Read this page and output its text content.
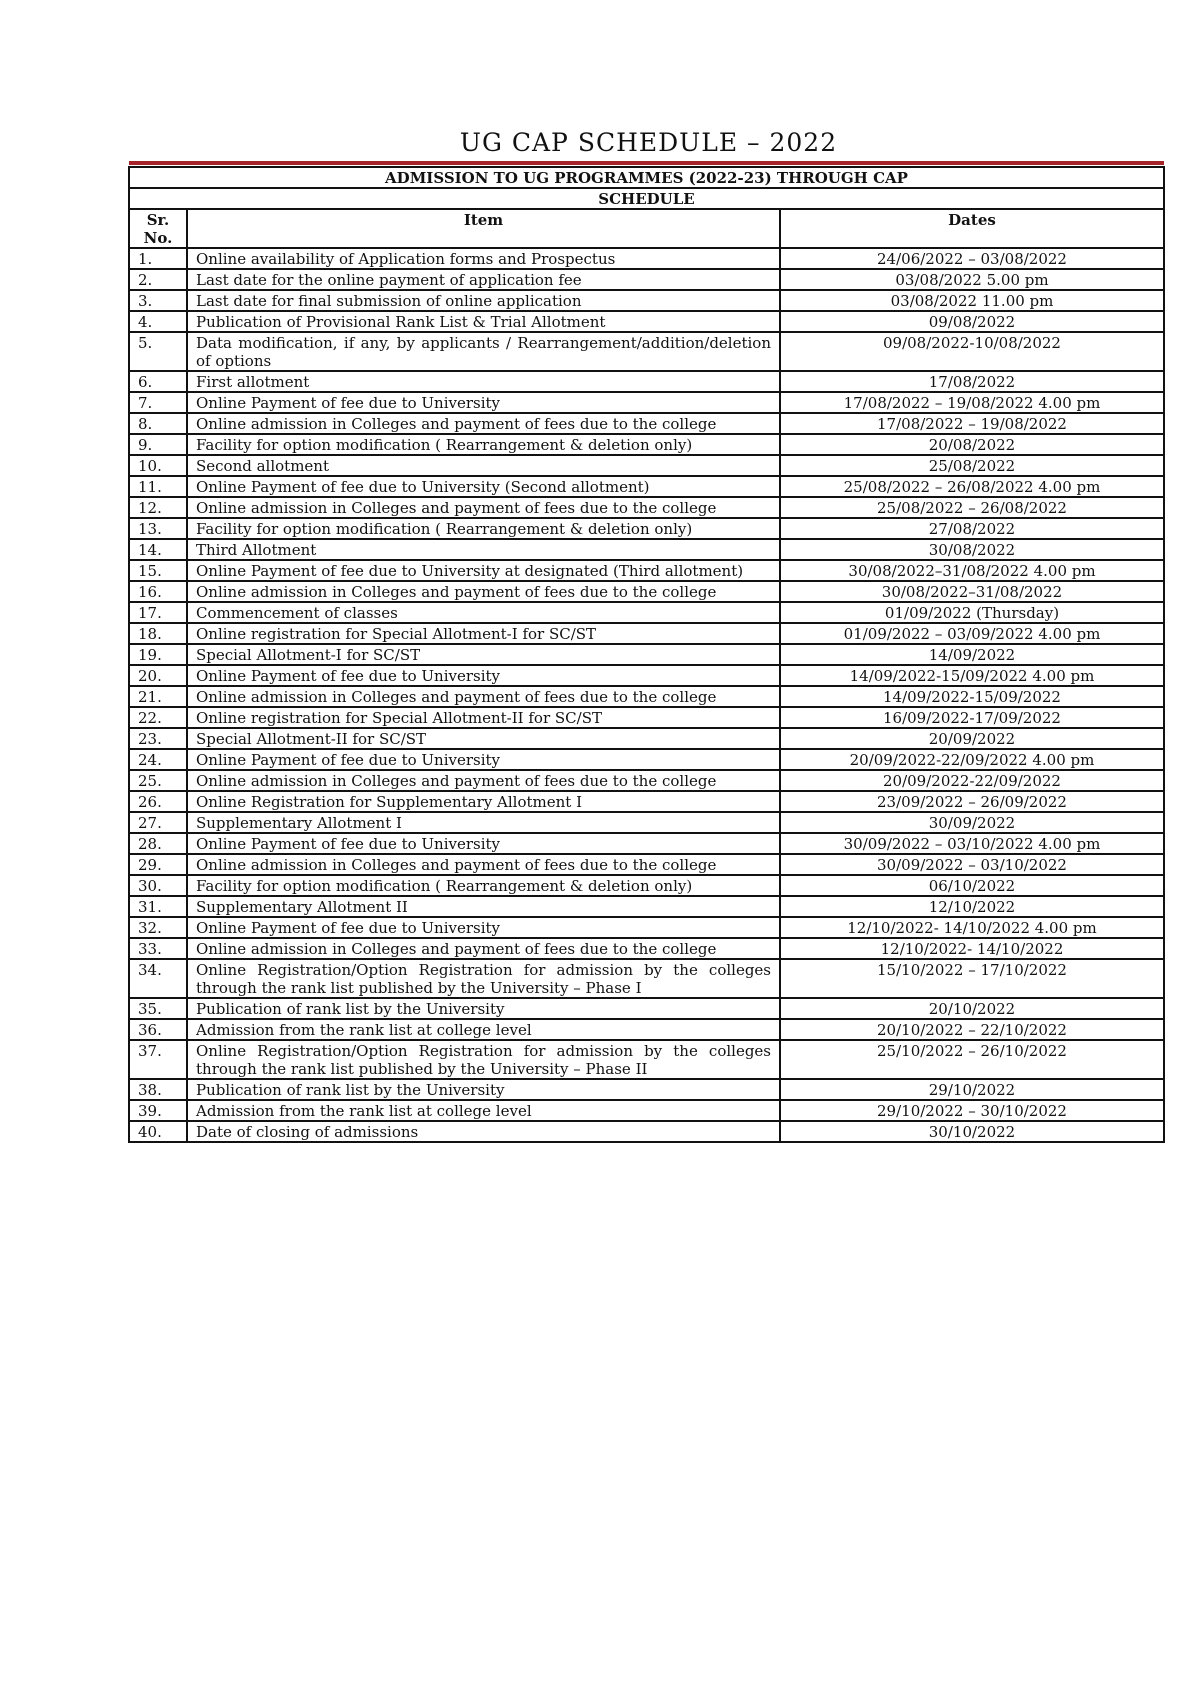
UG CAP SCHEDULE – 2022
ADMISSION TO UG PROGRAMMES (2022-23) THROUGH CAP		
SCHEDULE		
Sr. No.	Item	Dates
1.	Online availability of Application forms and Prospectus	24/06/2022 – 03/08/2022
2.	Last date for the online payment of application fee	03/08/2022 5.00 pm
3.	Last date for final submission of online application	03/08/2022 11.00 pm
4.	Publication of Provisional Rank List & Trial Allotment	09/08/2022
5.	Data modification, if any, by applicants / Rearrangement/addition/deletion of options	09/08/2022-10/08/2022
6.	First allotment	17/08/2022
7.	Online Payment of fee due to University	17/08/2022 – 19/08/2022 4.00 pm
8.	Online admission in Colleges and payment of fees due to the college	17/08/2022 – 19/08/2022
9.	Facility for option modification ( Rearrangement & deletion only)	20/08/2022
10.	Second allotment	25/08/2022
11.	Online Payment of fee due to University (Second allotment)	25/08/2022 – 26/08/2022 4.00 pm
12.	Online admission in Colleges and payment of fees due to the college	25/08/2022 – 26/08/2022
13.	Facility for option modification ( Rearrangement & deletion only)	27/08/2022
14.	Third Allotment	30/08/2022
15.	Online Payment of fee due to University at designated (Third allotment)	30/08/2022–31/08/2022 4.00 pm
16.	Online admission in Colleges and payment of fees due to the college	30/08/2022–31/08/2022
17.	Commencement of classes	01/09/2022 (Thursday)
18.	Online registration for Special Allotment-I for SC/ST	01/09/2022 – 03/09/2022 4.00 pm
19.	Special Allotment-I for SC/ST	14/09/2022
20.	Online Payment of fee due to University	14/09/2022-15/09/2022 4.00 pm
21.	Online admission in Colleges and payment of fees due to the college	14/09/2022-15/09/2022
22.	Online registration for Special Allotment-II for SC/ST	16/09/2022-17/09/2022
23.	Special Allotment-II for SC/ST	20/09/2022
24.	Online Payment of fee due to University	20/09/2022-22/09/2022 4.00 pm
25.	Online admission in Colleges and payment of fees due to the college	20/09/2022-22/09/2022
26.	Online Registration for Supplementary Allotment I	23/09/2022 – 26/09/2022
27.	Supplementary Allotment I	30/09/2022
28.	Online Payment of fee due to University	30/09/2022 – 03/10/2022 4.00 pm
29.	Online admission in Colleges and payment of fees due to the college	30/09/2022 – 03/10/2022
30.	Facility for option modification ( Rearrangement & deletion only)	06/10/2022
31.	Supplementary Allotment II	12/10/2022
32.	Online Payment of fee due to University	12/10/2022- 14/10/2022 4.00 pm
33.	Online admission in Colleges and payment of fees due to the college	12/10/2022- 14/10/2022
34.	Online Registration/Option Registration for admission by the colleges through the rank list published by the University – Phase I	15/10/2022 – 17/10/2022
35.	Publication of rank list by the University	20/10/2022
36.	Admission from the rank list at college level	20/10/2022 – 22/10/2022
37.	Online Registration/Option Registration for admission by the colleges through the rank list published by the University – Phase II	25/10/2022 – 26/10/2022
38.	Publication of rank list by the University	29/10/2022
39.	Admission from the rank list at college level	29/10/2022 – 30/10/2022
40.	Date of closing of admissions	30/10/2022
